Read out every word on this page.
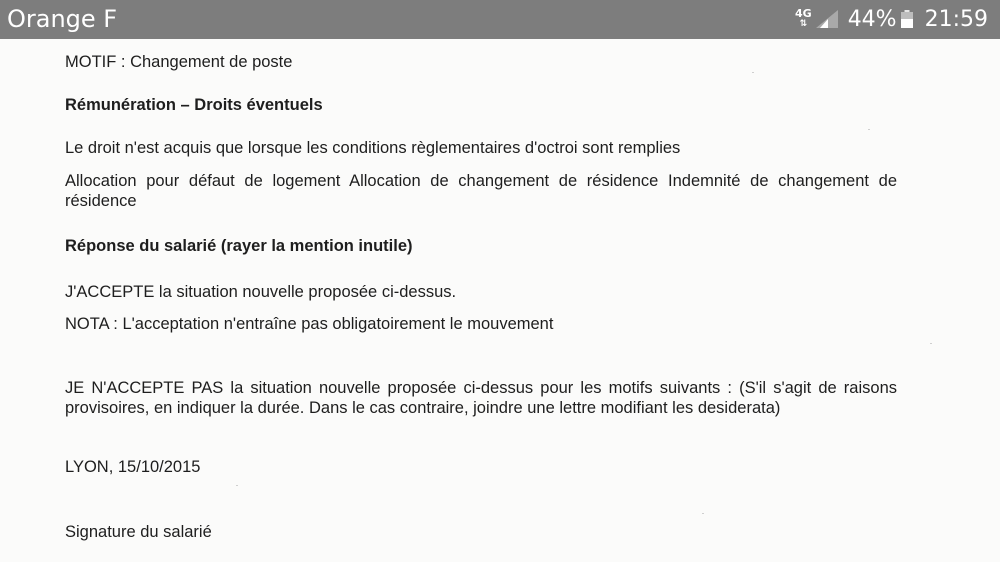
Orange F	4G
⇅ 44% 21:59
MOTIF : Changement de poste
Rémunération – Droits éventuels
Le droit n'est acquis que lorsque les conditions règlementaires d'octroi sont remplies
Allocation pour défaut de logement Allocation de changement de résidence Indemnité de changement de résidence
Réponse du salarié (rayer la mention inutile)
J'ACCEPTE la situation nouvelle proposée ci-dessus.
NOTA : L'acceptation n'entraîne pas obligatoirement le mouvement
JE N'ACCEPTE PAS la situation nouvelle proposée ci-dessus pour les motifs suivants : (S'il s'agit de raisons provisoires, en indiquer la durée. Dans le cas contraire, joindre une lettre modifiant les desiderata)
LYON, 15/10/2015
Signature du salarié
